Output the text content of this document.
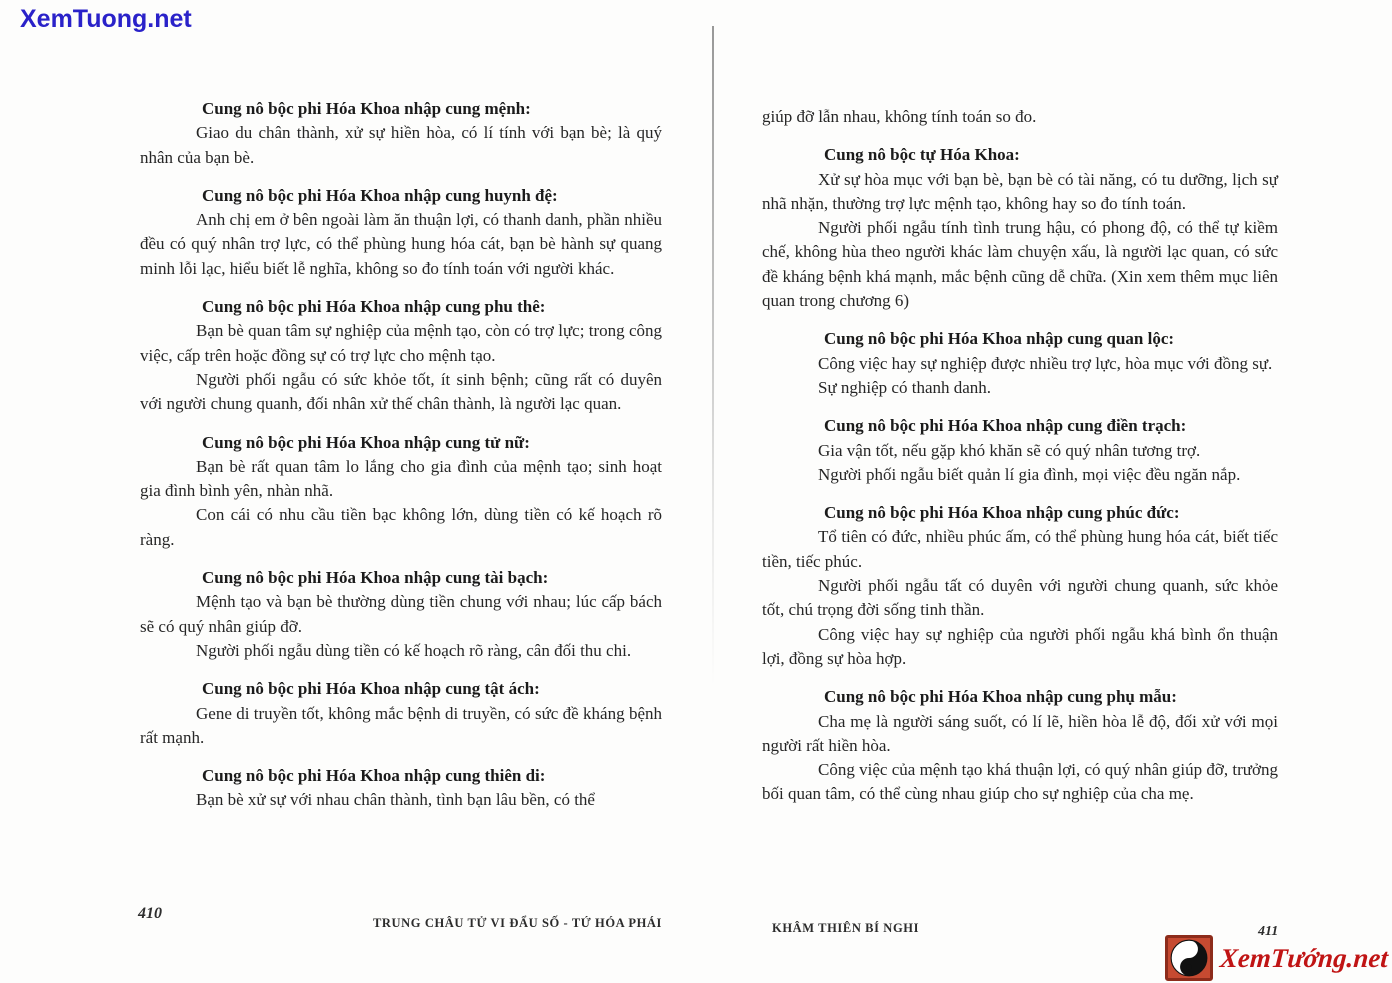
XemTuong.net

Cung nô bộc phi Hóa Khoa nhập cung mệnh:

Giao du chân thành, xử sự hiền hòa, có lí tính với bạn bè; là quý nhân của bạn bè.

Cung nô bộc phi Hóa Khoa nhập cung huynh đệ:

Anh chị em ở bên ngoài làm ăn thuận lợi, có thanh danh, phần nhiều đều có quý nhân trợ lực, có thể phùng hung hóa cát, bạn bè hành sự quang minh lỗi lạc, hiểu biết lễ nghĩa, không so đo tính toán với người khác.

Cung nô bộc phi Hóa Khoa nhập cung phu thê:

Bạn bè quan tâm sự nghiệp của mệnh tạo, còn có trợ lực; trong công việc, cấp trên hoặc đồng sự có trợ lực cho mệnh tạo.

Người phối ngẫu có sức khỏe tốt, ít sinh bệnh; cũng rất có duyên với người chung quanh, đối nhân xử thế chân thành, là người lạc quan.

Cung nô bộc phi Hóa Khoa nhập cung tử nữ:

Bạn bè rất quan tâm lo lắng cho gia đình của mệnh tạo; sinh hoạt gia đình bình yên, nhàn nhã.

Con cái có nhu cầu tiền bạc không lớn, dùng tiền có kế hoạch rõ ràng.

Cung nô bộc phi Hóa Khoa nhập cung tài bạch:

Mệnh tạo và bạn bè thường dùng tiền chung với nhau; lúc cấp bách sẽ có quý nhân giúp đỡ.

Người phối ngẫu dùng tiền có kế hoạch rõ ràng, cân đối thu chi.

Cung nô bộc phi Hóa Khoa nhập cung tật ách:

Gene di truyền tốt, không mắc bệnh di truyền, có sức đề kháng bệnh rất mạnh.

Cung nô bộc phi Hóa Khoa nhập cung thiên di:

Bạn bè xử sự với nhau chân thành, tình bạn lâu bền, có thể

giúp đỡ lẫn nhau, không tính toán so đo.

Cung nô bộc tự Hóa Khoa:

Xử sự hòa mục với bạn bè, bạn bè có tài năng, có tu dưỡng, lịch sự nhã nhặn, thường trợ lực mệnh tạo, không hay so đo tính toán.

Người phối ngẫu tính tình trung hậu, có phong độ, có thể tự kiềm chế, không hùa theo người khác làm chuyện xấu, là người lạc quan, có sức đề kháng bệnh khá mạnh, mắc bệnh cũng dễ chữa. (Xin xem thêm mục liên quan trong chương 6)

Cung nô bộc phi Hóa Khoa nhập cung quan lộc:

Công việc hay sự nghiệp được nhiều trợ lực, hòa mục với đồng sự.

Sự nghiệp có thanh danh.

Cung nô bộc phi Hóa Khoa nhập cung điền trạch:

Gia vận tốt, nếu gặp khó khăn sẽ có quý nhân tương trợ.

Người phối ngẫu biết quản lí gia đình, mọi việc đều ngăn nắp.

Cung nô bộc phi Hóa Khoa nhập cung phúc đức:

Tổ tiên có đức, nhiều phúc ấm, có thể phùng hung hóa cát, biết tiếc tiền, tiếc phúc.

Người phối ngẫu tất có duyên với người chung quanh, sức khỏe tốt, chú trọng đời sống tinh thần.

Công việc hay sự nghiệp của người phối ngẫu khá bình ổn thuận lợi, đồng sự hòa hợp.

Cung nô bộc phi Hóa Khoa nhập cung phụ mẫu:

Cha mẹ là người sáng suốt, có lí lẽ, hiền hòa lễ độ, đối xử với mọi người rất hiền hòa.

Công việc của mệnh tạo khá thuận lợi, có quý nhân giúp đỡ, trưởng bối quan tâm, có thể cùng nhau giúp cho sự nghiệp của cha mẹ.

410
TRUNG CHÂU TỬ VI ĐẨU SỐ - TỨ HÓA PHÁI	KHÂM THIÊN BÍ NGHI	411
XemTướng.net
